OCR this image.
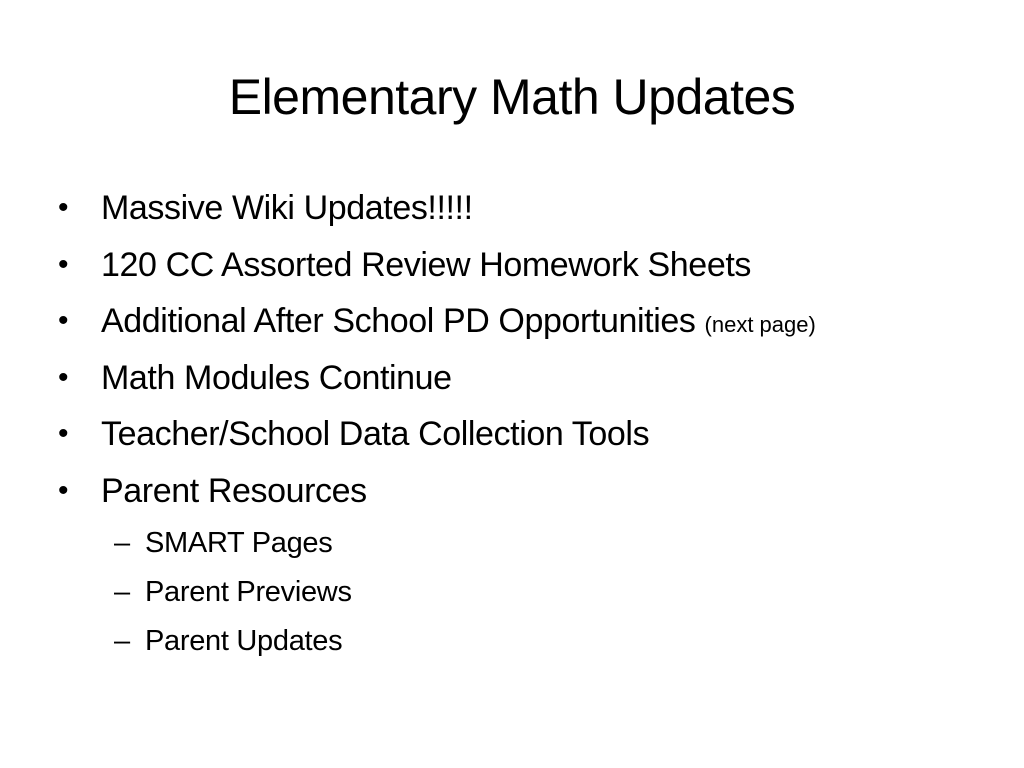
Elementary Math Updates
• Massive Wiki Updates!!!!!
• 120 CC Assorted Review Homework Sheets
• Additional After School PD Opportunities (next page)
• Math Modules Continue
• Teacher/School Data Collection Tools
• Parent Resources
– SMART Pages
– Parent Previews
– Parent Updates
